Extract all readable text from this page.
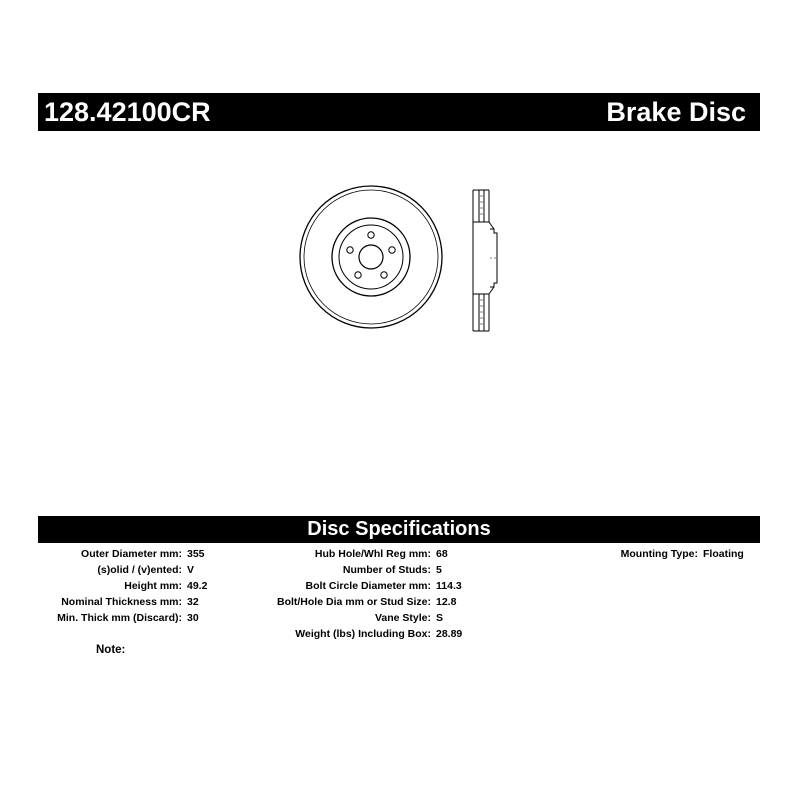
128.42100CR	Brake Disc
Disc Specifications
Outer Diameter mm: 355
(s)olid / (v)ented: V
Height mm: 49.2
Nominal Thickness mm: 32
Min. Thick mm (Discard): 30
Hub Hole/Whl Reg mm: 68
Number of Studs: 5
Bolt Circle Diameter mm: 114.3
Bolt/Hole Dia mm or Stud Size: 12.8
Vane Style: S
Weight (lbs) Including Box: 28.89
Mounting Type: Floating
Note:
